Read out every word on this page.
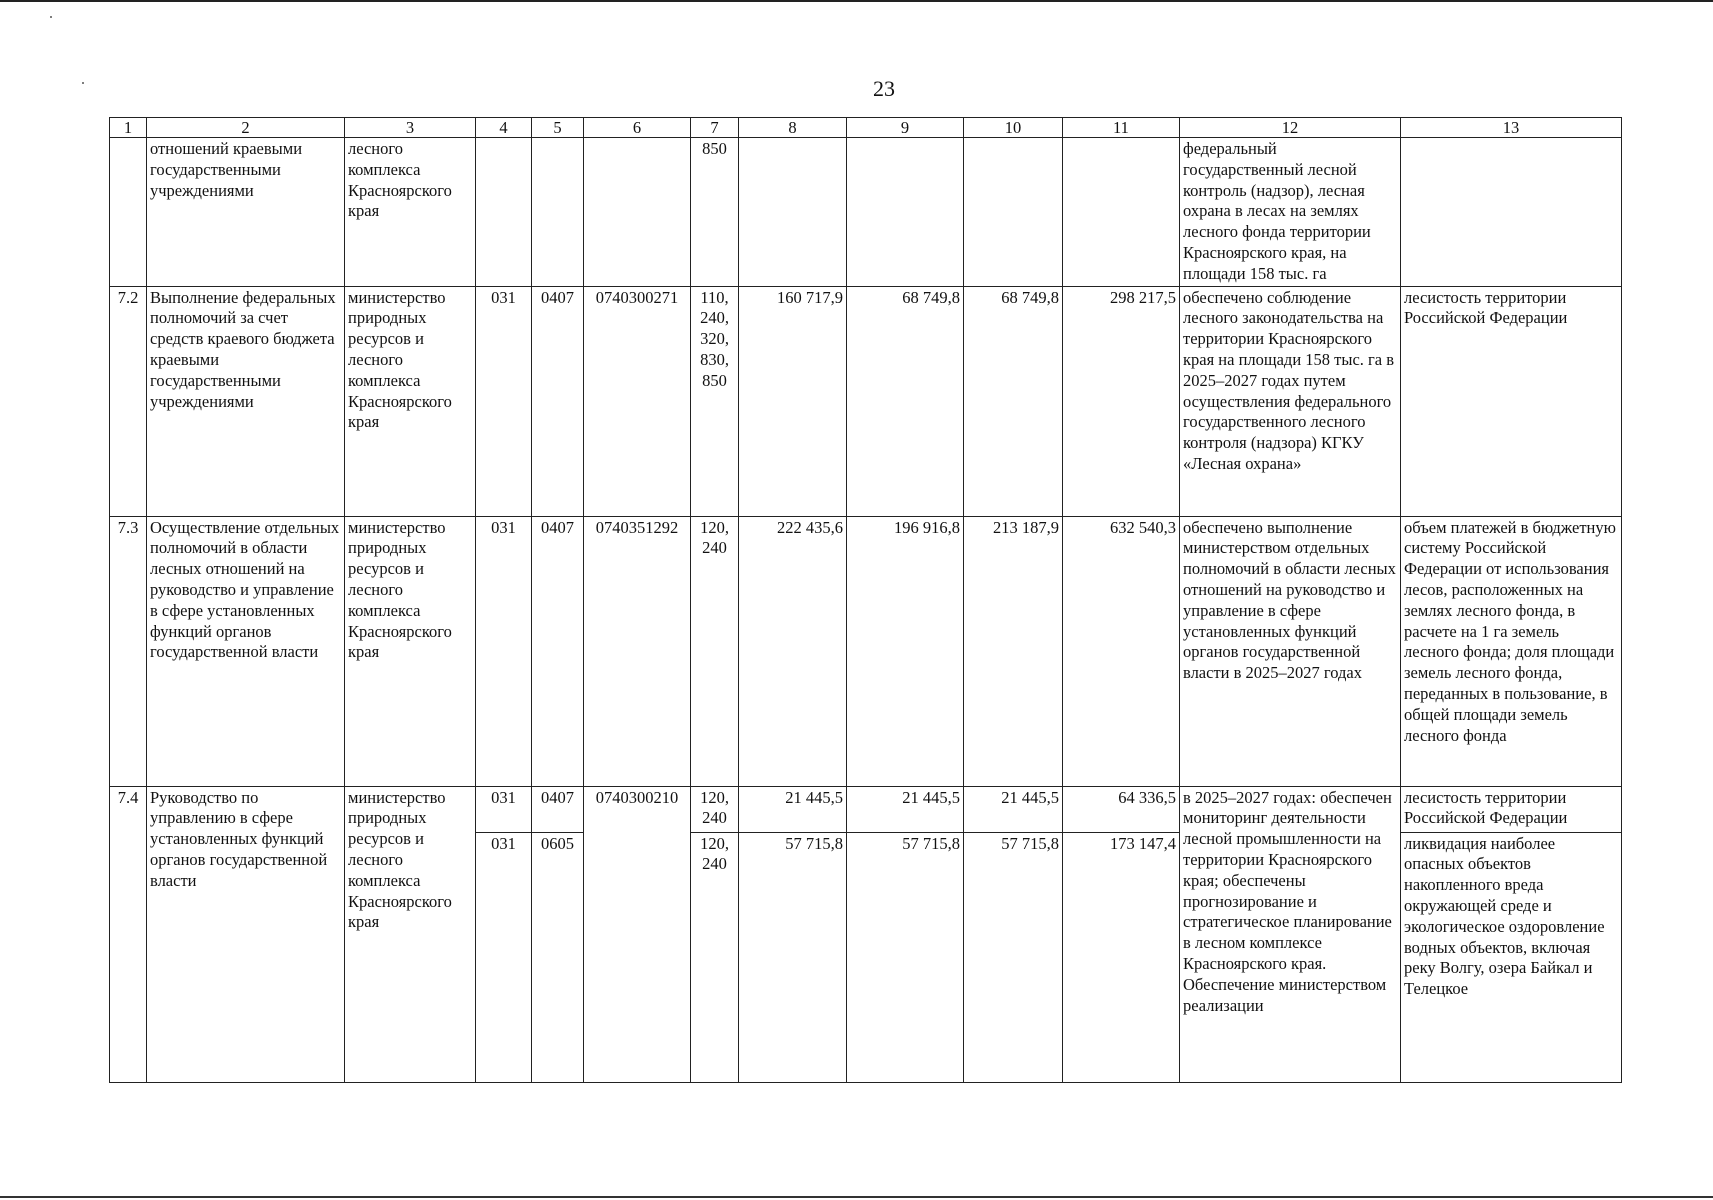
23
1	2	3	4	5	6	7	8	9	10	11	12	13
	отношений краевыми государственными учреждениями	лесного комплекса Красноярского края				850					федеральный государственный лесной контроль (надзор), лесная охрана в лесах на землях лесного фонда территории Красноярского края, на площади 158 тыс. га	
7.2	Выполнение федеральных полномочий за счет средств краевого бюджета краевыми государственными учреждениями	министерство природных ресурсов и лесного комплекса Красноярского края	031	0407	0740300271	110, 240, 320, 830, 850	160 717,9	68 749,8	68 749,8	298 217,5	обеспечено соблюдение лесного законодательства на территории Красноярского края на площади 158 тыс. га в 2025–2027 годах путем осуществления федерального государственного лесного контроля (надзора) КГКУ «Лесная охрана»	лесистость территории Российской Федерации
7.3	Осуществление отдельных полномочий в области лесных отношений на руководство и управление в сфере установленных функций органов государственной власти	министерство природных ресурсов и лесного комплекса Красноярского края	031	0407	0740351292	120, 240	222 435,6	196 916,8	213 187,9	632 540,3	обеспечено выполнение министерством отдельных полномочий в области лесных отношений на руководство и управление в сфере установленных функций органов государственной власти в 2025–2027 годах	объем платежей в бюджетную систему Российской Федерации от использования лесов, расположенных на землях лесного фонда, в расчете на 1 га земель лесного фонда; доля площади земель лесного фонда, переданных в пользование, в общей площади земель лесного фонда
7.4	Руководство по управлению в сфере установленных функций органов государственной власти	министерство природных ресурсов и лесного комплекса Красноярского края	031	0407	0740300210	120, 240	21 445,5	21 445,5	21 445,5	64 336,5	в 2025–2027 годах: обеспечен мониторинг деятельности лесной промышленности на территории Красноярского края; обеспечены прогнозирование и стратегическое планирование в лесном комплексе Красноярского края. Обеспечение министерством реализации	лесистость территории Российской Федерации
			031	0605		120, 240	57 715,8	57 715,8	57 715,8	173 147,4		ликвидация наиболее опасных объектов накопленного вреда окружающей среде и экологическое оздоровление водных объектов, включая реку Волгу, озера Байкал и Телецкое
